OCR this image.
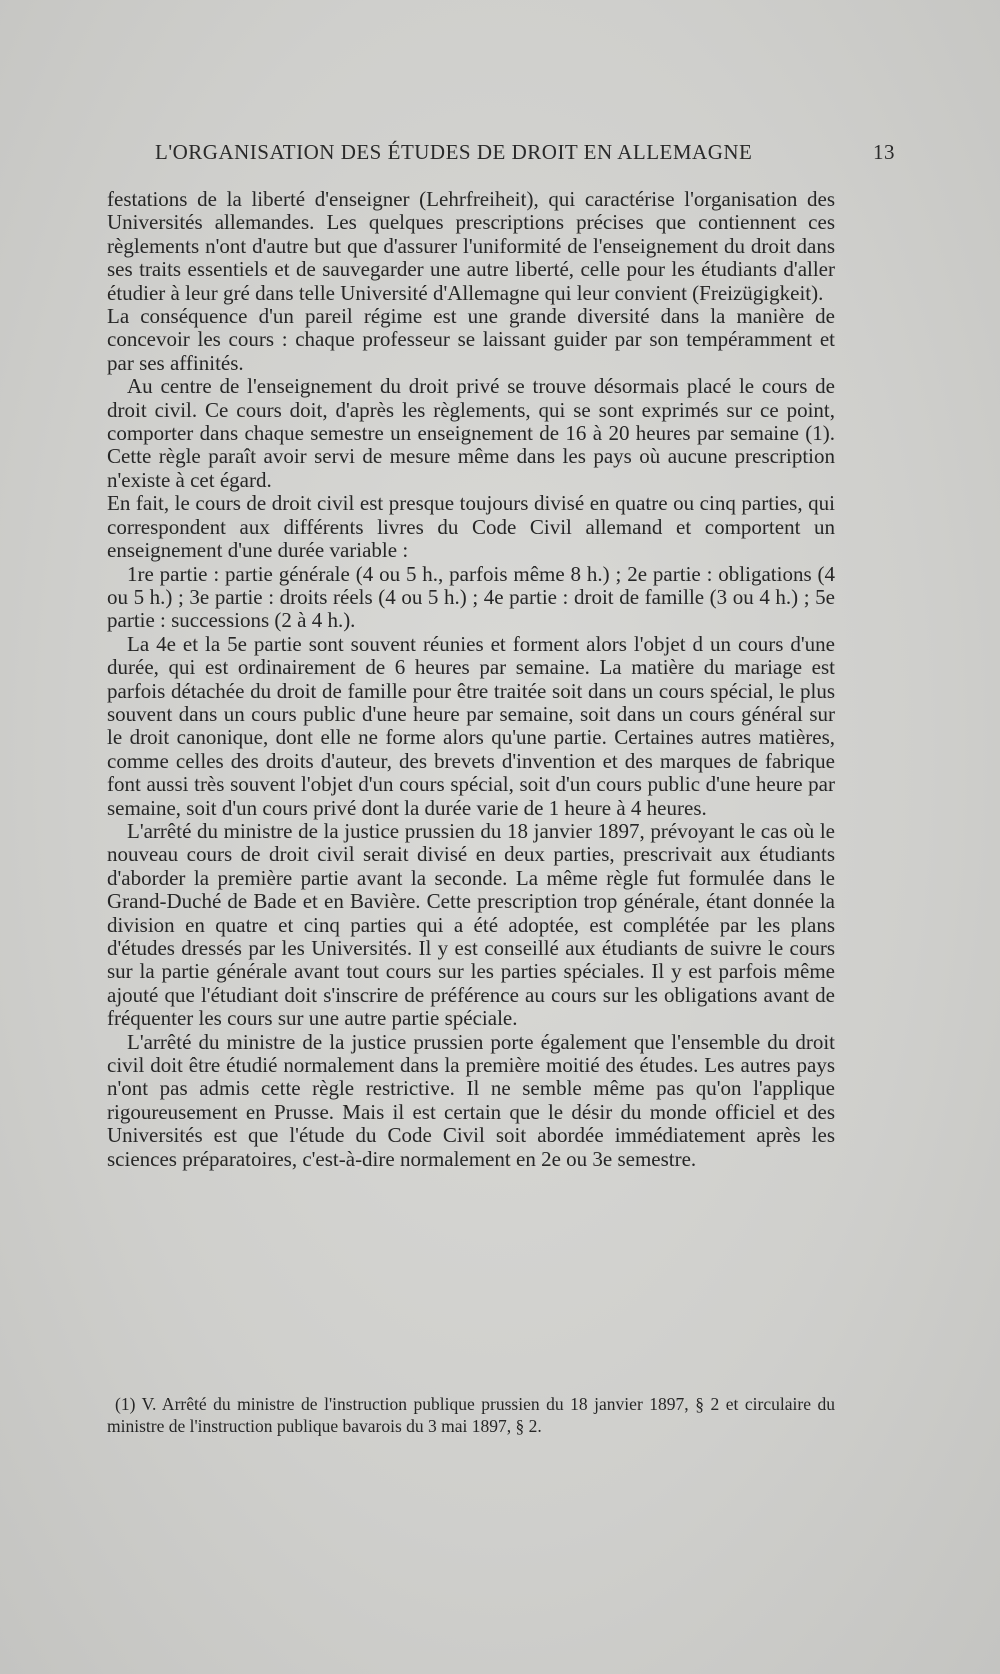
L'ORGANISATION DES ÉTUDES DE DROIT EN ALLEMAGNE	13

festations de la liberté d'enseigner (Lehrfreiheit), qui caractérise l'organisation des Universités allemandes. Les quelques prescriptions précises que contiennent ces règlements n'ont d'autre but que d'assurer l'uniformité de l'enseignement du droit dans ses traits essentiels et de sauvegarder une autre liberté, celle pour les étudiants d'aller étudier à leur gré dans telle Université d'Allemagne qui leur convient (Freizügigkeit).

La conséquence d'un pareil régime est une grande diversité dans la manière de concevoir les cours : chaque professeur se laissant guider par son tempéramment et par ses affinités.

Au centre de l'enseignement du droit privé se trouve désormais placé le cours de droit civil. Ce cours doit, d'après les règlements, qui se sont exprimés sur ce point, comporter dans chaque semestre un enseignement de 16 à 20 heures par semaine (1). Cette règle paraît avoir servi de mesure même dans les pays où aucune prescription n'existe à cet égard.

En fait, le cours de droit civil est presque toujours divisé en quatre ou cinq parties, qui correspondent aux différents livres du Code Civil allemand et comportent un enseignement d'une durée variable :

1re partie : partie générale (4 ou 5 h., parfois même 8 h.) ; 2e partie : obligations (4 ou 5 h.) ; 3e partie : droits réels (4 ou 5 h.) ; 4e partie : droit de famille (3 ou 4 h.) ; 5e partie : successions (2 à 4 h.).

La 4e et la 5e partie sont souvent réunies et forment alors l'objet d un cours d'une durée, qui est ordinairement de 6 heures par semaine. La matière du mariage est parfois détachée du droit de famille pour être traitée soit dans un cours spécial, le plus souvent dans un cours public d'une heure par semaine, soit dans un cours général sur le droit canonique, dont elle ne forme alors qu'une partie. Certaines autres matières, comme celles des droits d'auteur, des brevets d'invention et des marques de fabrique font aussi très souvent l'objet d'un cours spécial, soit d'un cours public d'une heure par semaine, soit d'un cours privé dont la durée varie de 1 heure à 4 heures.

L'arrêté du ministre de la justice prussien du 18 janvier 1897, prévoyant le cas où le nouveau cours de droit civil serait divisé en deux parties, prescrivait aux étudiants d'aborder la première partie avant la seconde. La même règle fut formulée dans le Grand-Duché de Bade et en Bavière. Cette prescription trop générale, étant donnée la division en quatre et cinq parties qui a été adoptée, est complétée par les plans d'études dressés par les Universités. Il y est conseillé aux étudiants de suivre le cours sur la partie générale avant tout cours sur les parties spéciales. Il y est parfois même ajouté que l'étudiant doit s'inscrire de préférence au cours sur les obligations avant de fréquenter les cours sur une autre partie spéciale.

L'arrêté du ministre de la justice prussien porte également que l'ensemble du droit civil doit être étudié normalement dans la première moitié des études. Les autres pays n'ont pas admis cette règle restrictive. Il ne semble même pas qu'on l'applique rigoureusement en Prusse. Mais il est certain que le désir du monde officiel et des Universités est que l'étude du Code Civil soit abordée immédiatement après les sciences préparatoires, c'est-à-dire normalement en 2e ou 3e semestre.

(1) V. Arrêté du ministre de l'instruction publique prussien du 18 janvier 1897, § 2 et circulaire du ministre de l'instruction publique bavarois du 3 mai 1897, § 2.
